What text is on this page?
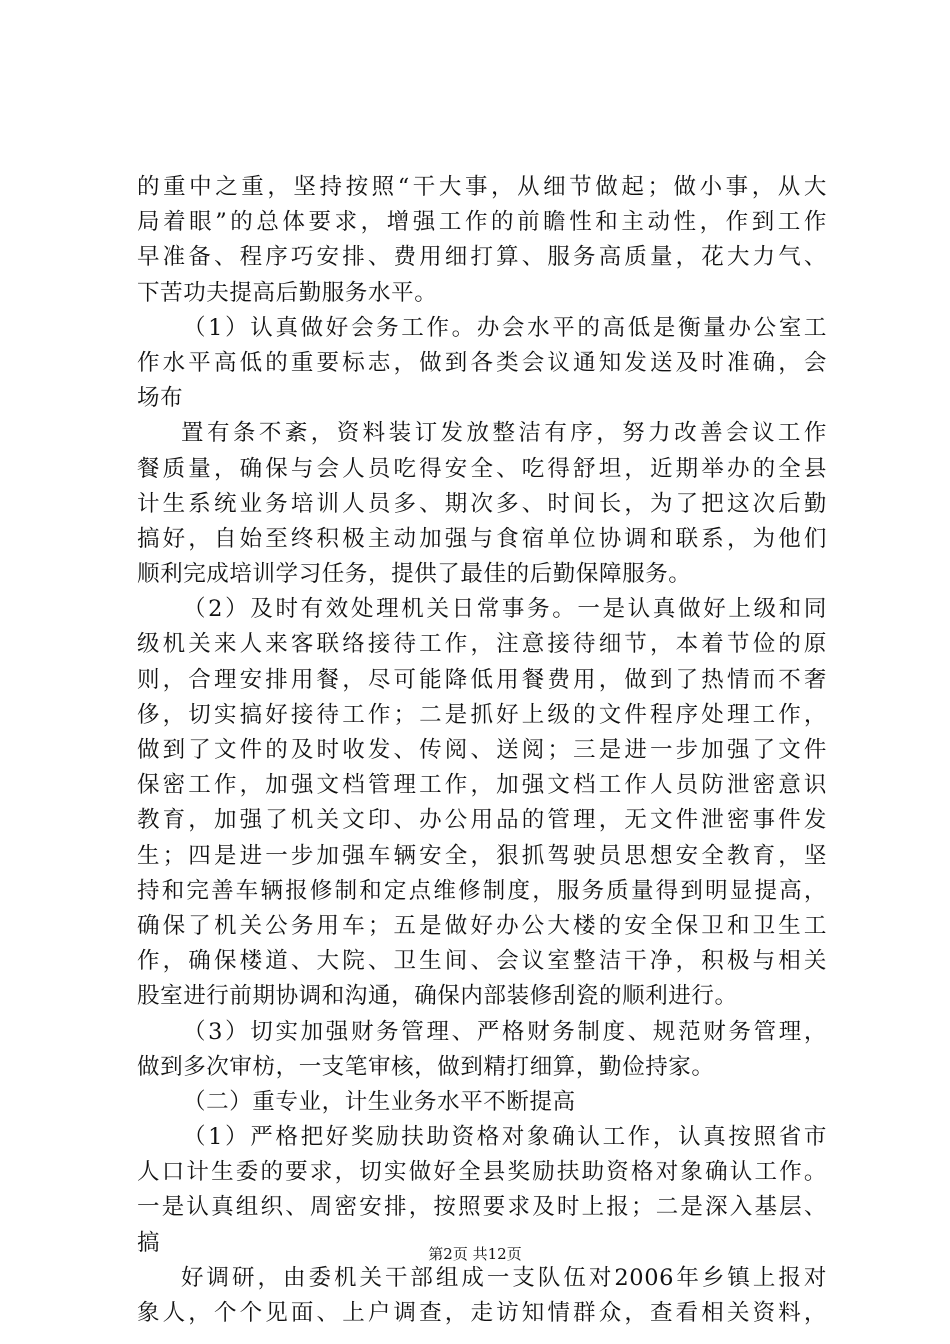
的重中之重，坚持按照“干大事，从细节做起；做小事，从大
局着眼”的总体要求，增强工作的前瞻性和主动性，作到工作
早准备、程序巧安排、费用细打算、服务高质量，花大力气、
下苦功夫提高后勤服务水平。
（1）认真做好会务工作。办会水平的高低是衡量办公室工
作水平高低的重要标志，做到各类会议通知发送及时准确，会
场布
置有条不紊，资料装订发放整洁有序，努力改善会议工作
餐质量，确保与会人员吃得安全、吃得舒坦，近期举办的全县
计生系统业务培训人员多、期次多、时间长，为了把这次后勤
搞好，自始至终积极主动加强与食宿单位协调和联系，为他们
顺利完成培训学习任务，提供了最佳的后勤保障服务。
（2）及时有效处理机关日常事务。一是认真做好上级和同
级机关来人来客联络接待工作，注意接待细节，本着节俭的原
则，合理安排用餐，尽可能降低用餐费用，做到了热情而不奢
侈，切实搞好接待工作；二是抓好上级的文件程序处理工作，
做到了文件的及时收发、传阅、送阅；三是进一步加强了文件
保密工作，加强文档管理工作，加强文档工作人员防泄密意识
教育，加强了机关文印、办公用品的管理，无文件泄密事件发
生；四是进一步加强车辆安全，狠抓驾驶员思想安全教育，坚
持和完善车辆报修制和定点维修制度，服务质量得到明显提高，
确保了机关公务用车；五是做好办公大楼的安全保卫和卫生工
作，确保楼道、大院、卫生间、会议室整洁干净，积极与相关
股室进行前期协调和沟通，确保内部装修刮瓷的顺利进行。
（3）切实加强财务管理、严格财务制度、规范财务管理，
做到多次审枋，一支笔审核，做到精打细算，勤俭持家。
（二）重专业，计生业务水平不断提高
（1）严格把好奖励扶助资格对象确认工作，认真按照省市
人口计生委的要求，切实做好全县奖励扶助资格对象确认工作。
一是认真组织、周密安排，按照要求及时上报；二是深入基层、
搞
好调研，由委机关干部组成一支队伍对2006年乡镇上报对
象人，个个见面、上户调查，走访知情群众，查看相关资料，
第2页 共12页
